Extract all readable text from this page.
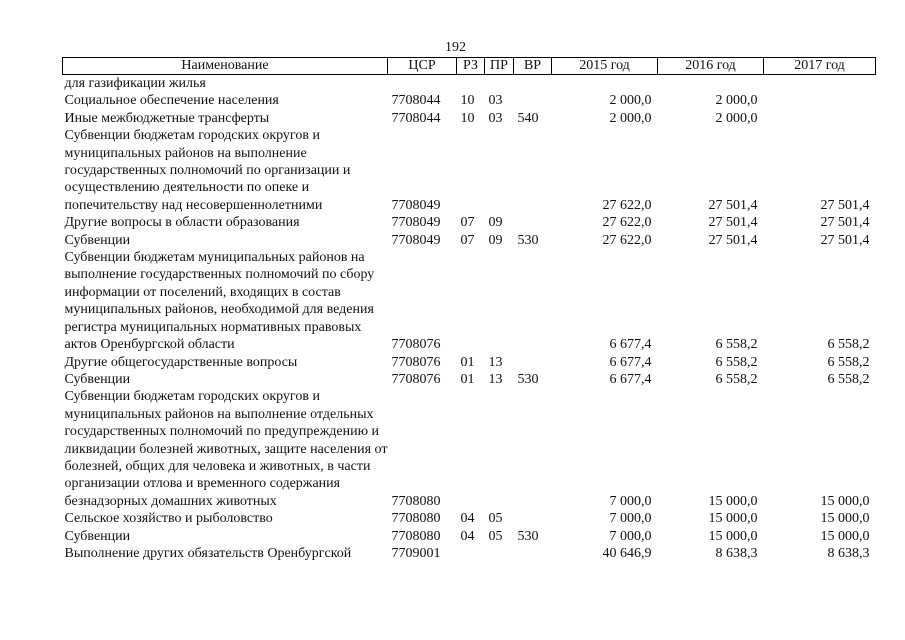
192
Наименование	ЦСР	РЗ	ПР	ВР	2015 год	2016 год	2017 год
для газификации жилья							
Социальное обеспечение населения	7708044	10	03		2 000,0	2 000,0	
Иные межбюджетные трансферты	7708044	10	03	540	2 000,0	2 000,0	
Субвенции бюджетам городских округов и муниципальных районов на выполнение государственных полномочий по организации и осуществлению деятельности по опеке и попечительству над несовершеннолетними	7708049				27 622,0	27 501,4	27 501,4
Другие вопросы в области образования	7708049	07	09		27 622,0	27 501,4	27 501,4
Субвенции	7708049	07	09	530	27 622,0	27 501,4	27 501,4
Субвенции бюджетам муниципальных районов на выполнение государственных полномочий по сбору информации от поселений, входящих в состав муниципальных районов, необходимой для ведения регистра муниципальных нормативных правовых актов Оренбургской области	7708076				6 677,4	6 558,2	6 558,2
Другие общегосударственные вопросы	7708076	01	13		6 677,4	6 558,2	6 558,2
Субвенции	7708076	01	13	530	6 677,4	6 558,2	6 558,2
Субвенции бюджетам городских округов и муниципальных районов на выполнение отдельных государственных полномочий по предупреждению и ликвидации болезней животных, защите населения от болезней, общих для человека и животных, в части организации отлова и временного содержания безнадзорных домашних животных	7708080				7 000,0	15 000,0	15 000,0
Сельское хозяйство и рыболовство	7708080	04	05		7 000,0	15 000,0	15 000,0
Субвенции	7708080	04	05	530	7 000,0	15 000,0	15 000,0
Выполнение других обязательств Оренбургской	7709001				40 646,9	8 638,3	8 638,3
